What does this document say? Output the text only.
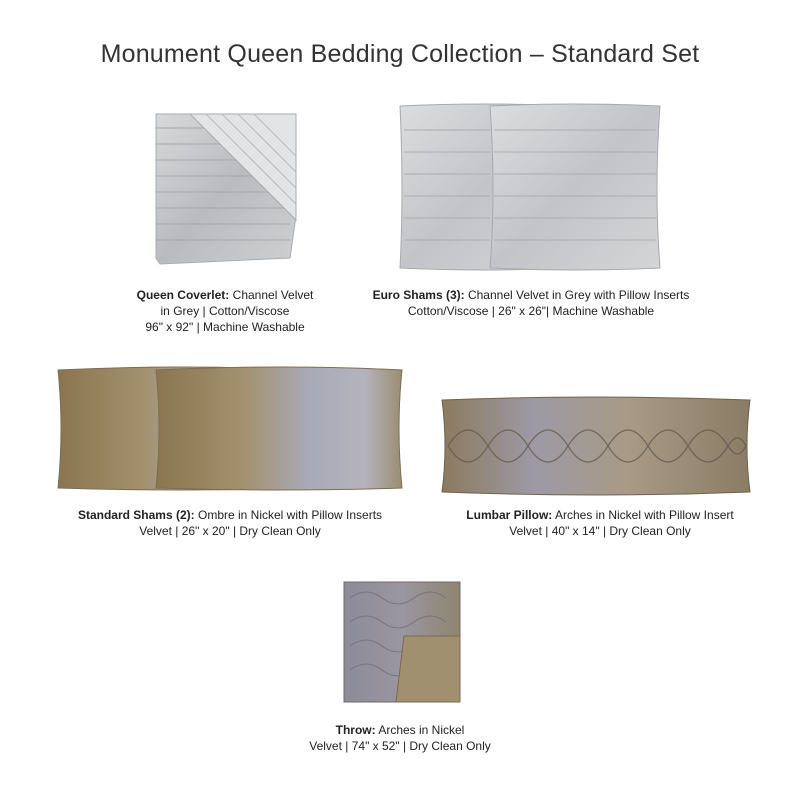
Monument Queen Bedding Collection – Standard Set
Queen Coverlet: Channel Velvet
in Grey | Cotton/Viscose
96" x 92" | Machine Washable
Euro Shams (3): Channel Velvet in Grey with Pillow Inserts
Cotton/Viscose | 26" x 26"| Machine Washable
Standard Shams (2): Ombre in Nickel with Pillow Inserts
Velvet | 26" x 20" | Dry Clean Only
Lumbar Pillow: Arches in Nickel with Pillow Insert
Velvet | 40" x 14" | Dry Clean Only
Throw: Arches in Nickel
Velvet | 74" x 52" | Dry Clean Only
